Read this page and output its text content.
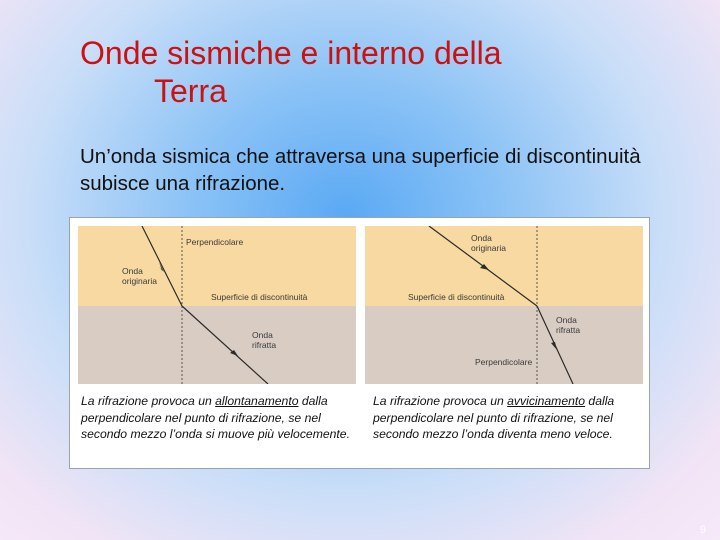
Onde sismiche e interno della
Terra

Un’onda sismica che attraversa una superficie di discontinuità subisce una rifrazione.

Perpendicolare
Onda
originaria
Superficie di discontinuità
Onda
rifratta
Onda
originaria
Superficie di discontinuità
Onda
rifratta
Perpendicolare

La rifrazione provoca un allontanamento dalla perpendicolare nel punto di rifrazione, se nel secondo mezzo l’onda si muove più velocemente.

La rifrazione provoca un avvicinamento dalla perpendicolare nel punto di rifrazione, se nel secondo mezzo l’onda diventa meno veloce.

9
